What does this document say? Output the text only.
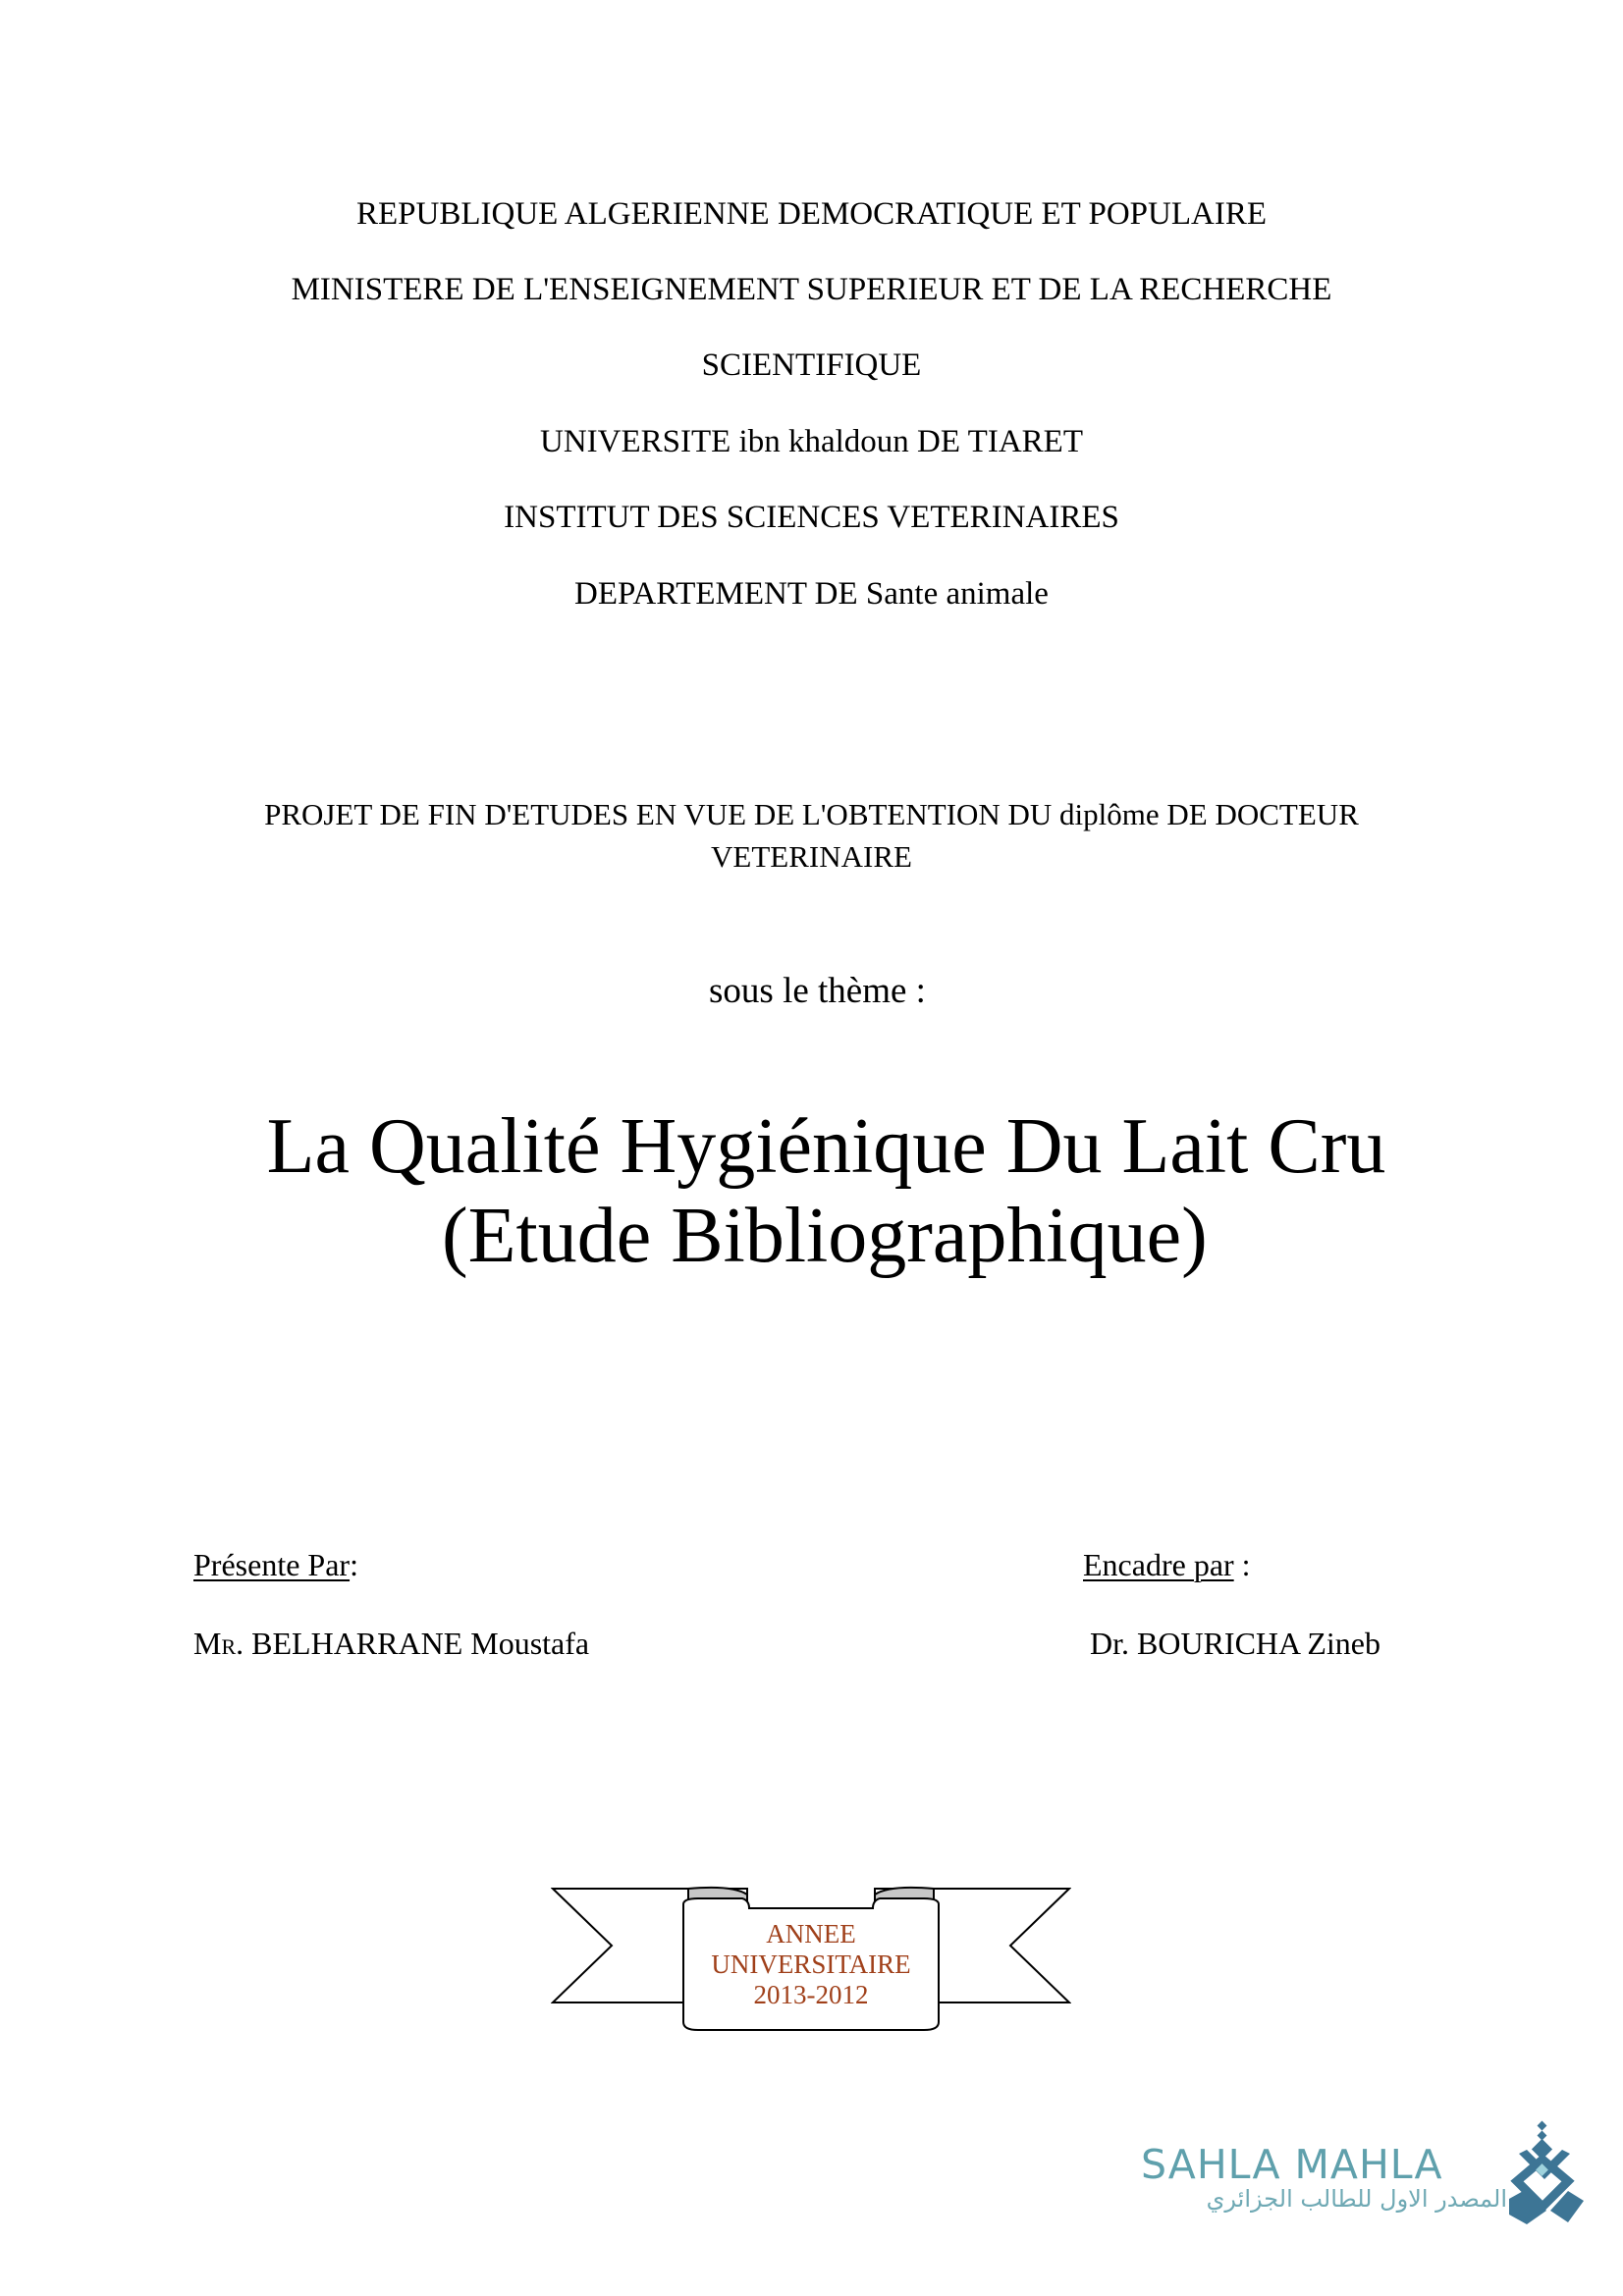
REPUBLIQUE ALGERIENNE DEMOCRATIQUE ET POPULAIRE
MINISTERE DE L'ENSEIGNEMENT SUPERIEUR ET DE LA RECHERCHE
SCIENTIFIQUE
UNIVERSITE ibn khaldoun DE TIARET
INSTITUT DES SCIENCES VETERINAIRES
DEPARTEMENT DE Sante animale
PROJET DE FIN D'ETUDES EN VUE DE L'OBTENTION DU diplôme DE DOCTEUR
VETERINAIRE
sous le thème :
La Qualité Hygiénique Du Lait Cru
(Etude Bibliographique)
Présente Par:	Encadre par :
MR. BELHARRANE Moustafa	Dr. BOURICHA Zineb
ANNEE
UNIVERSITAIRE
2013-2012
SAHLA MAHLA
المصدر الاول للطالب الجزائري
